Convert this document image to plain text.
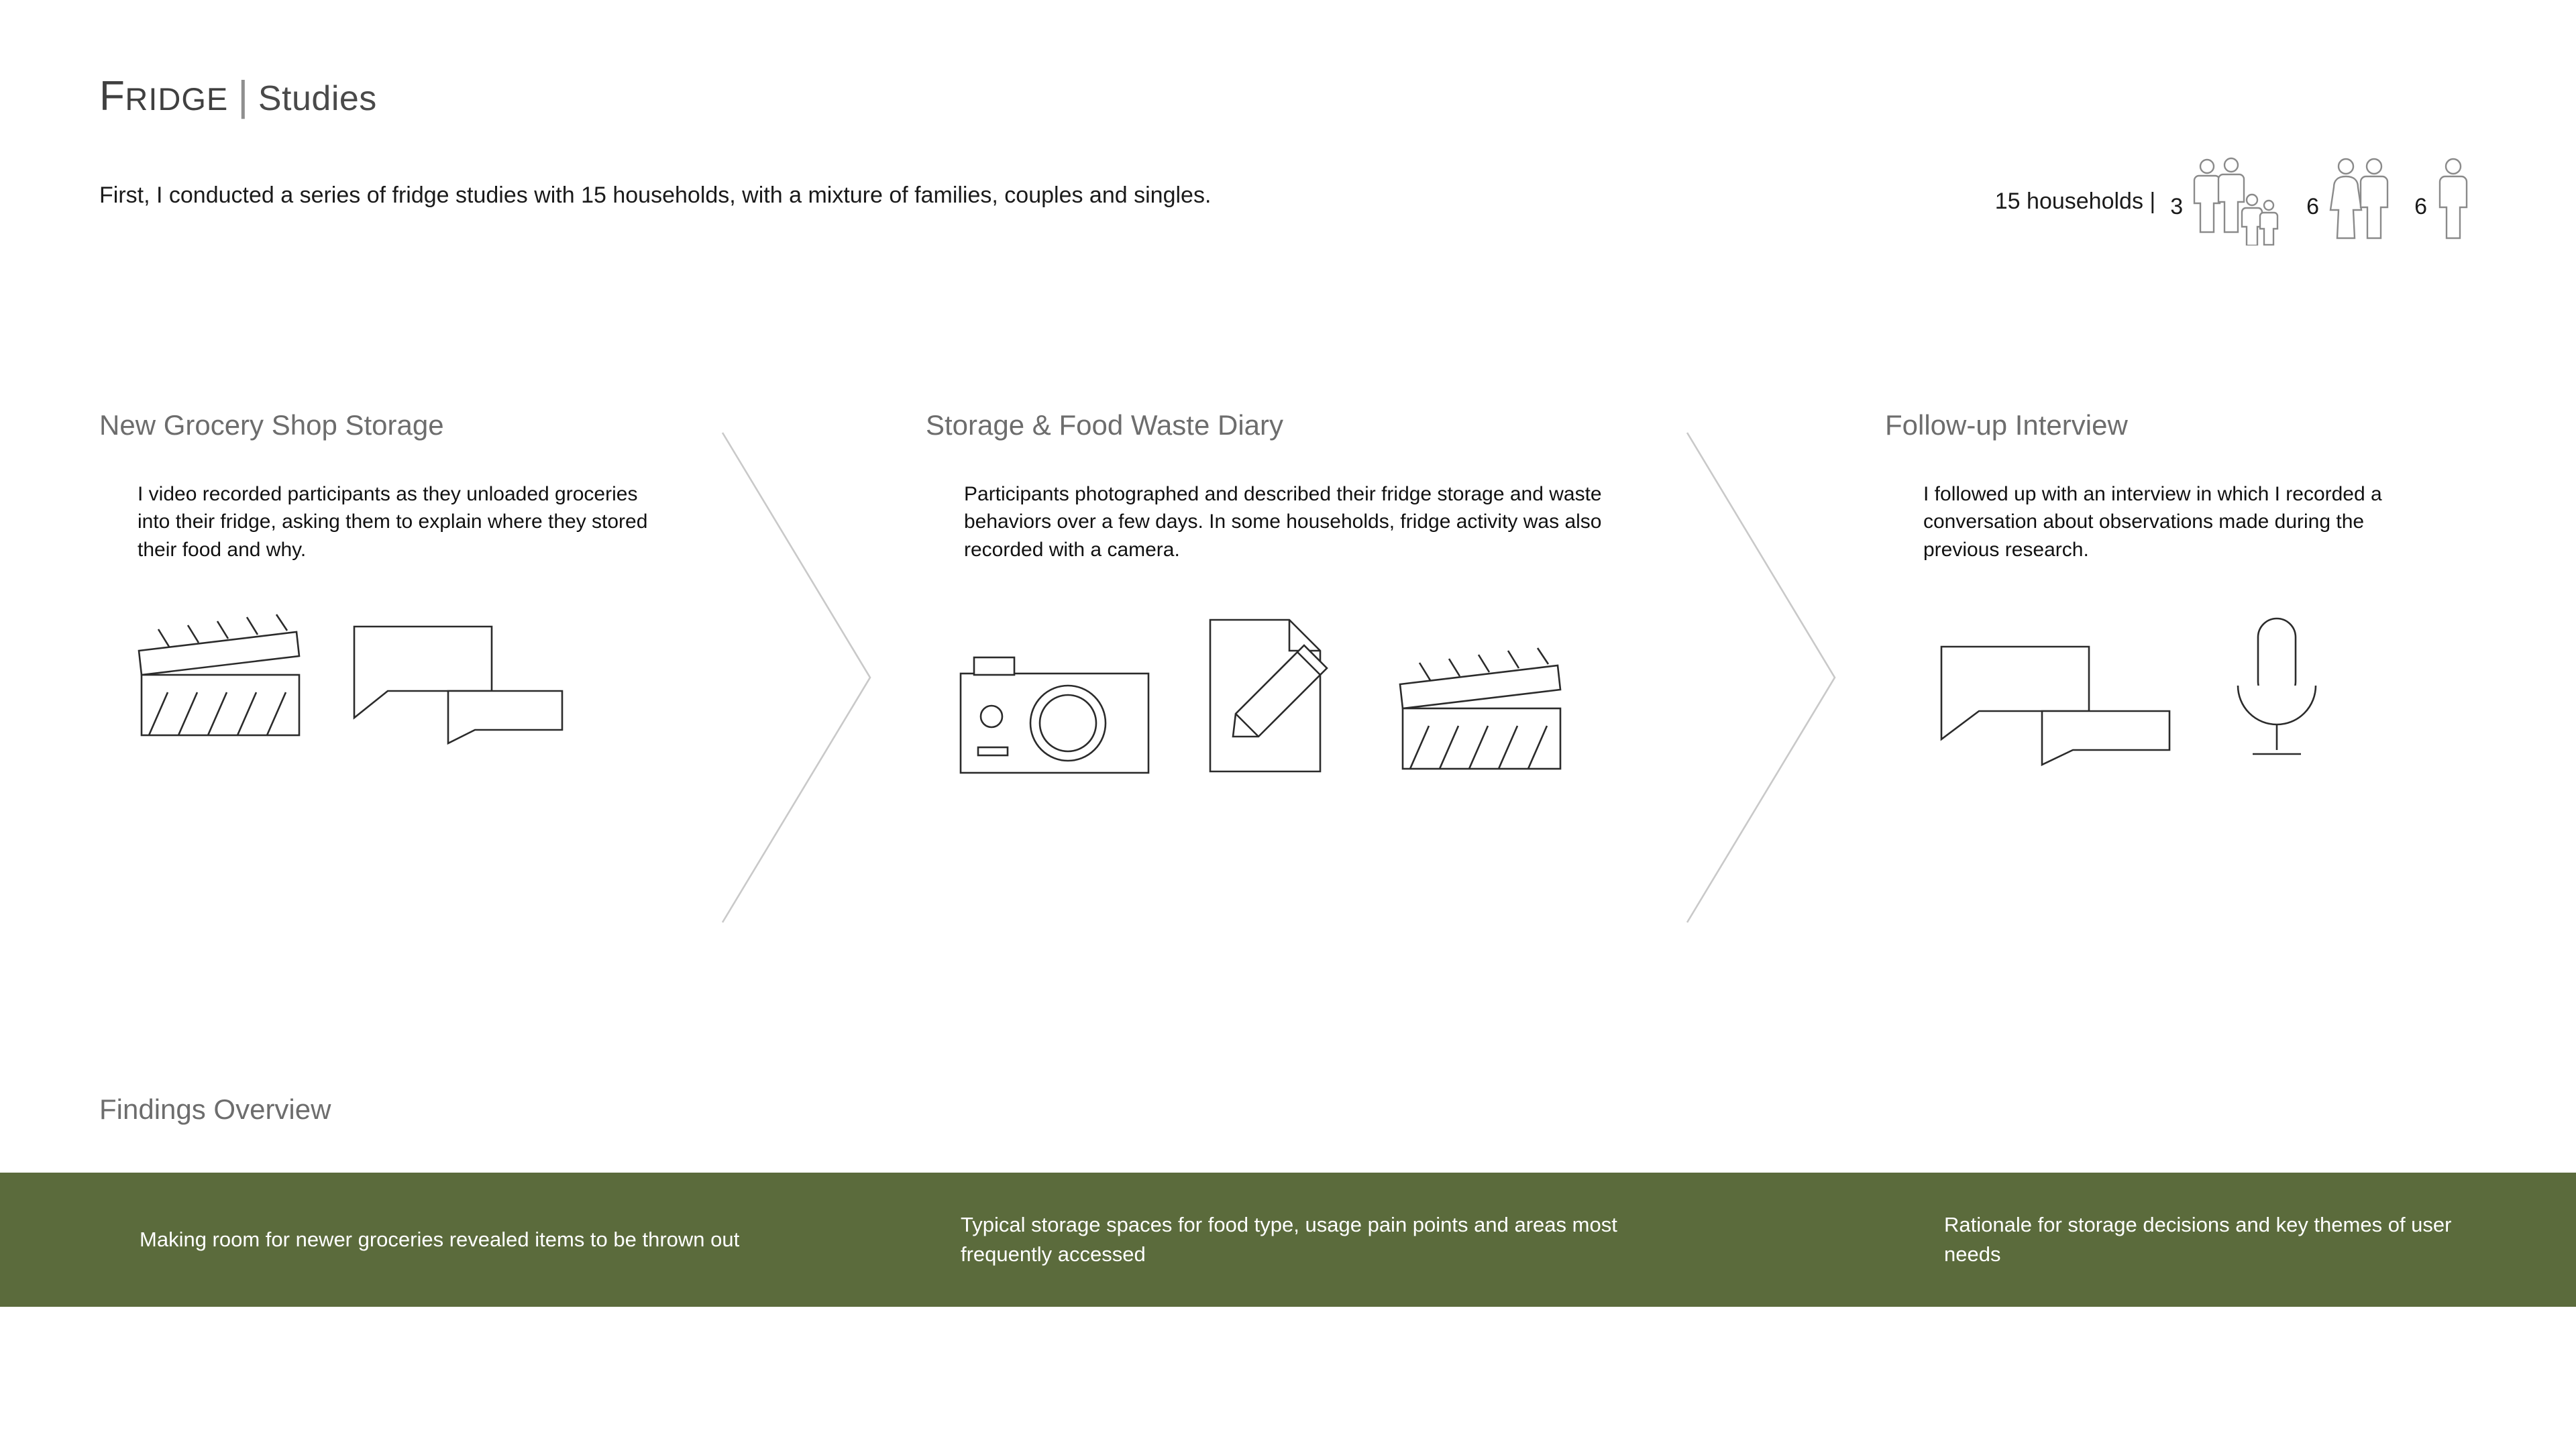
FRIDGE | Studies
First, I conducted a series of fridge studies with 15 households, with a mixture of families, couples and singles.	15 households | 3	6	6
New Grocery Shop Storage
I video recorded participants as they unloaded groceries into their fridge, asking them to explain where they stored their food and why.
Storage & Food Waste Diary
Participants photographed and described their fridge storage and waste behaviors over a few days. In some households, fridge activity was also recorded with a camera.
Follow-up Interview
I followed up with an interview in which I recorded a conversation about observations made during the previous research.
Findings Overview
Making room for newer groceries revealed items to be thrown out
Typical storage spaces for food type, usage pain points and areas most frequently accessed
Rationale for storage decisions and key themes of user needs
